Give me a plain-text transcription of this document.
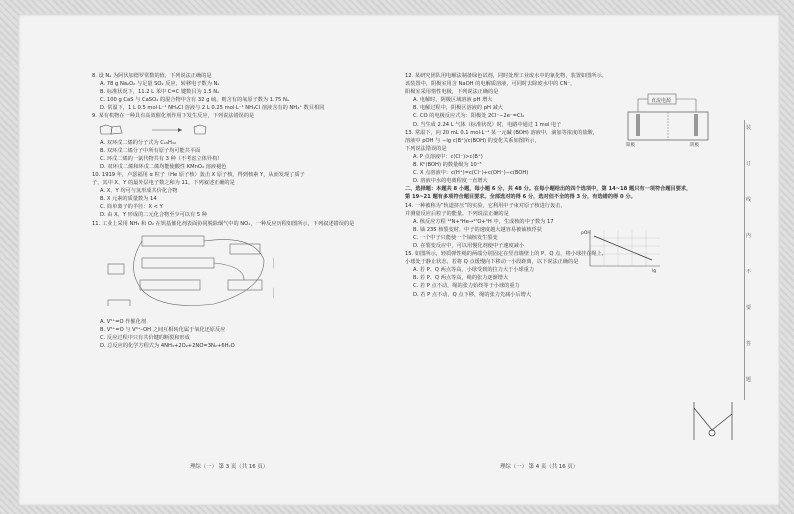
8. 设 Nₐ 为阿伏加德罗常数的值，下列说法正确的是
A. 78 g Na₂O₂ 与足量 SO₂ 反应，转移电子数为 Nₐ
B. 标准状况下，11.2 L 苯中 C=C 键数目为 1.5 Nₐ
C. 100 g CaS 与 CaSO₄ 的混合物中含有 32 g 硫，则含有的氧原子数为 1.75 Nₐ
D. 常温下，1 L 0.5 mol·L⁻¹ NH₄Cl 溶液与 2 L 0.25 mol·L⁻¹ NH₄Cl 溶液含有的 NH₄⁺ 数目相同
9. 某有机物在一种具有高效催化剂作用下发生反应，下列说法错误的是
A. 双环戊二烯的分子式为 C₁₀H₁₂
B. 双环戊二烯分子中所有原子均可能共平面
C. 环戊二烯的一氯代物共有 3 种（不考虑立体异构）
D. 双环戊二烯和环戊二烯均能使酸性 KMnO₄ 溶液褪色
10. 1919 年，卢瑟福用 α 粒子（He 原子核）轰击 X 原子核，得到核素 Y，从而发现了质子
子，其中 X、Y 的最外层电子数之和为 11，下列叙述正确的是
A. X、Y 均可与氢形成共价化合物
B. X 元素的质量数为 14
C. 简单离子的半径：X < Y
D. 由 X、Y 形成的二元化合物至少可以有 5 种
11. 工业上采用 NH₃ 和 O₂ 在钒基催化剂表面协同脱除烟气中的 NOₓ，一种反应历程如图所示，下列叙述错误的是
A. V⁵⁺=O 作催化剂
B. V⁵⁺=O 与 V⁴⁺–OH 之间互相转化属于氧化还原反应
C. 反应过程中只有共价键的断裂和形成
D. 总反应的化学方程式为 4NH₃+2O₂+2NO=3N₂+6H₂O
12. 某研究团队用电解法制备绿色试剂，同时处理工业废水中的氰化物，装置如图所示。
该装置中，阴极室用含 NaOH 的电解质溶液，可同时去除废水中的 CN⁻，
阳极室采用惰性电极，下列说法正确的是
A. 电解时，阴极区域溶液 pH 增大
B. 电解过程中，阴极区溶液的 pH 减大
C. CO 的电极反应式为：阳极处 2Cl⁻−2e⁻=Cl₂
D. 当生成 2.24 L 气体（标准状况）时，电路中通过 1 mol 电子
13. 常温下，向 20 mL 0.1 mol·L⁻¹ 某一元碱 (BOH) 溶液中，滴加等浓度的盐酸，
溶液中 pOH 与 −lg c(B⁺)/c(BOH) 的变化关系如图所示，
下列说法错误的是
A. P 点溶液中：c(Cl⁻)>c(B⁺)
B. Kᵇ(BOH) 的数量级为 10⁻⁵
C. X 点溶液中：c(H⁺)=c(Cl⁻)+c(OH⁻)−c(BOH)
D. 溶液中水的电离程度一直增大
二、选择题：本题共 8 小题，每小题 6 分，共 48 分。在每小题给出的四个选项中，第 14~18 题只有一项符合题目要求，
第 19~21 题有多项符合题目要求。全部选对的得 6 分，选对但不全的得 3 分，有选错的得 0 分。
14. 一种被称为“轨道挤压”的实验，它利用中子束对原子核进行轰击，
并测量反应后粒子的能量，下列说法正确的是
A. 核反应方程 ¹⁴N+⁴He→¹⁷O+¹H 中，生成核的中子数为 17
B. 铀 235 核裂变时，中子的速度越大越容易被铀核俘获
C. 一个中子只能使一个铀核发生裂变
D. 在裂变反应中，可以用慢化剂使中子速度减小
15. 如图所示，轻质弹性绳的两端分别固定在竖直墙壁上的 P、Q 点，将小球挂在绳上，
小球处于静止状态，若将 Q 点缓慢向下移动一小段距离，以下说法正确的是
A. 若 P、Q 两点等高，小球受到的拉力大于小球重力
B. 若 P、Q 两点等高，绳的张力逐渐增大
C. 若 P 点不动，绳的张力始终等于小球的重力
D. 若 P 点不动，Q 点下移，绳的张力先减小后增大
直流电源
阳极	阴极
pOH
lg
理综（一） 第 3 页（共 16 页）	理综（一） 第 4 页（共 16 页）
装
订
线
内
不
要
答
题
